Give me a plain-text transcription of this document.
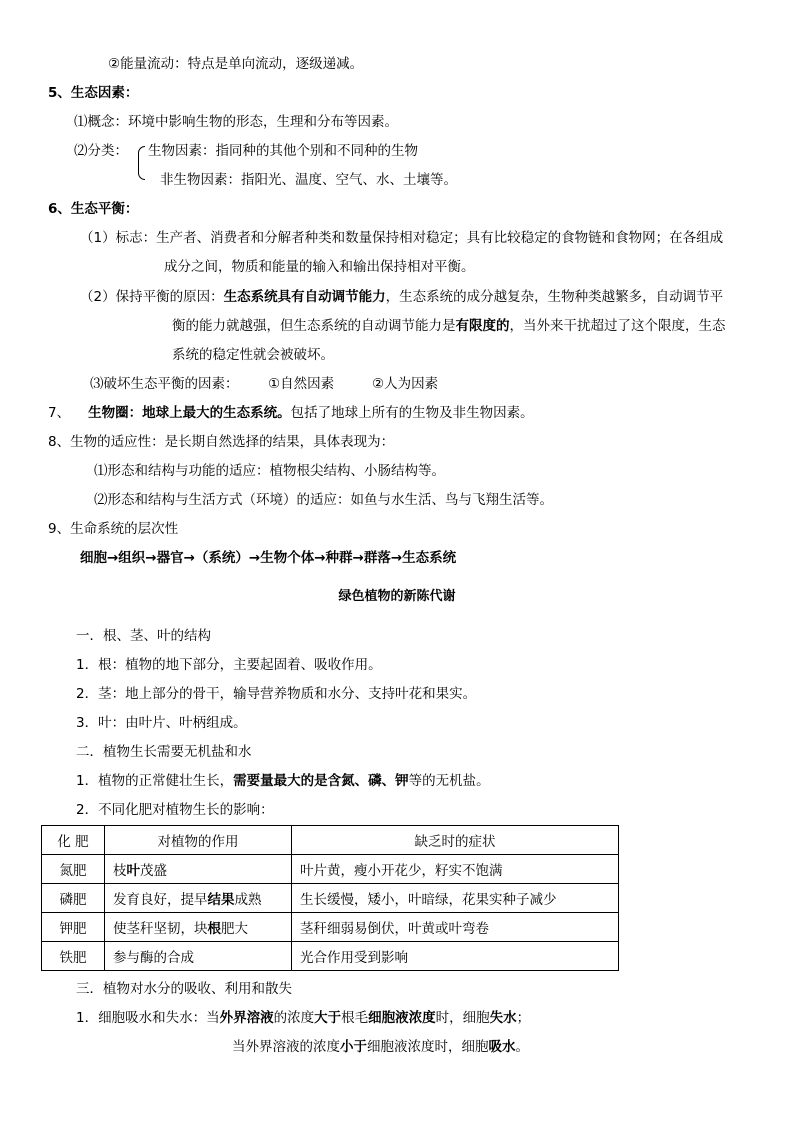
②能量流动：特点是单向流动，逐级递减。
5、生态因素：
⑴概念：环境中影响生物的形态，生理和分布等因素。
⑵分类： 生物因素：指同种的其他个别和不同种的生物
非生物因素：指阳光、温度、空气、水、土壤等。
6、生态平衡：
（1）标志：生产者、消费者和分解者种类和数量保持相对稳定；具有比较稳定的食物链和食物网；在各组成
成分之间，物质和能量的输入和输出保持相对平衡。
（2）保持平衡的原因：生态系统具有自动调节能力，生态系统的成分越复杂，生物种类越繁多，自动调节平
衡的能力就越强，但生态系统的自动调节能力是有限度的，当外来干扰超过了这个限度，生态
系统的稳定性就会被破坏。
⑶破坏生态平衡的因素： ①自然因素	②人为因素
7、 生物圈：地球上最大的生态系统。包括了地球上所有的生物及非生物因素。
8、生物的适应性：是长期自然选择的结果，具体表现为：
⑴形态和结构与功能的适应：植物根尖结构、小肠结构等。
⑵形态和结构与生活方式（环境）的适应：如鱼与水生活、鸟与飞翔生活等。
9、生命系统的层次性
细胞→组织→器官→（系统）→生物个体→种群→群落→生态系统
绿色植物的新陈代谢
一．根、茎、叶的结构
1．根：植物的地下部分，主要起固着、吸收作用。
2．茎：地上部分的骨干，输导营养物质和水分、支持叶花和果实。
3．叶：由叶片、叶柄组成。
二．植物生长需要无机盐和水
1．植物的正常健壮生长，需要量最大的是含氮、磷、钾等的无机盐。
2．不同化肥对植物生长的影响：
化 肥	对植物的作用	缺乏时的症状
氮肥	枝叶茂盛	叶片黄，瘦小开花少，籽实不饱满
磷肥	发育良好，提早结果成熟	生长缓慢，矮小，叶暗绿，花果实种子减少
钾肥	使茎秆坚韧，块根肥大	茎秆细弱易倒伏，叶黄或叶弯卷
铁肥	参与酶的合成	光合作用受到影响
三．植物对水分的吸收、利用和散失
1．细胞吸水和失水：当外界溶液的浓度大于根毛细胞液浓度时，细胞失水；
当外界溶液的浓度小于细胞液浓度时，细胞吸水。
